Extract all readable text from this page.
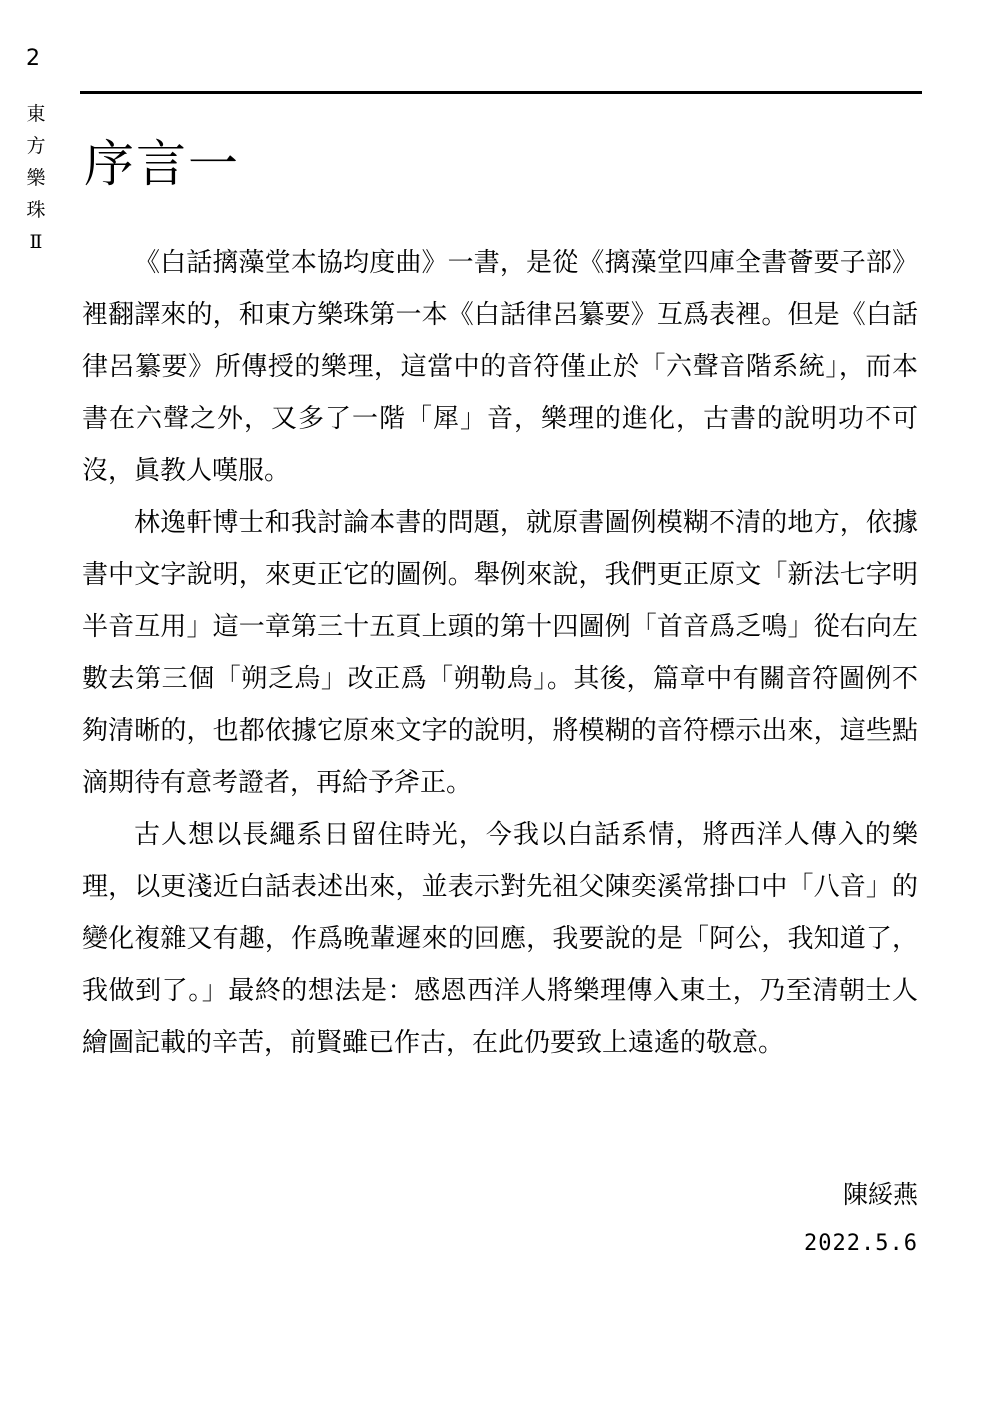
2
東
方
樂
珠
Ⅱ
序言一

《白話摛藻堂本協均度曲》一書，是從《摛藻堂四庫全書薈要子部》裡翻譯來的，和東方樂珠第一本《白話律呂纂要》互爲表裡。但是《白話律呂纂要》所傳授的樂理，這當中的音符僅止於「六聲音階系統」，而本書在六聲之外，又多了一階「犀」音，樂理的進化，古書的說明功不可沒，眞教人嘆服。

林逸軒博士和我討論本書的問題，就原書圖例模糊不清的地方，依據書中文字說明，來更正它的圖例。舉例來說，我們更正原文「新法七字明半音互用」這一章第三十五頁上頭的第十四圖例「首音爲乏鳴」從右向左數去第三個「朔乏烏」改正爲「朔勒烏」。其後，篇章中有關音符圖例不夠清晰的，也都依據它原來文字的說明，將模糊的音符標示出來，這些點滴期待有意考證者，再給予斧正。

古人想以長繩系日留住時光，今我以白話系情，將西洋人傳入的樂理，以更淺近白話表述出來，並表示對先祖父陳奕溪常掛口中「八音」的變化複雜又有趣，作爲晚輩遲來的回應，我要說的是「阿公，我知道了，我做到了。」最終的想法是：感恩西洋人將樂理傳入東土，乃至清朝士人繪圖記載的辛苦，前賢雖已作古，在此仍要致上遠遙的敬意。

陳綏燕
2022.5.6
